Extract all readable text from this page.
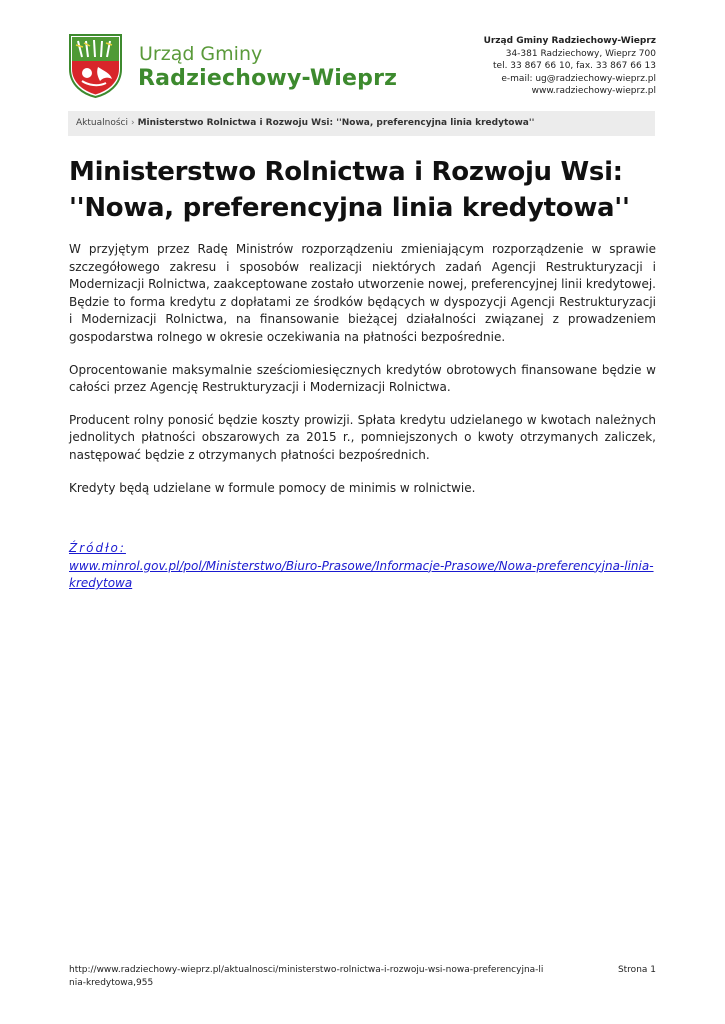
Urząd Gminy
Radziechowy-Wieprz
Urząd Gminy Radziechowy-Wieprz
34-381 Radziechowy, Wieprz 700
tel. 33 867 66 10, fax. 33 867 66 13
e-mail: ug@radziechowy-wieprz.pl
www.radziechowy-wieprz.pl
Aktualności › Ministerstwo Rolnictwa i Rozwoju Wsi: ''Nowa, preferencyjna linia kredytowa''
Ministerstwo Rolnictwa i Rozwoju Wsi: ''Nowa, preferencyjna linia kredytowa''

W przyjętym przez Radę Ministrów rozporządzeniu zmieniającym rozporządzenie w sprawie szczegółowego zakresu i sposobów realizacji niektórych zadań Agencji Restrukturyzacji i Modernizacji Rolnictwa, zaakceptowane zostało utworzenie nowej, preferencyjnej linii kredytowej. Będzie to forma kredytu z dopłatami ze środków będących w dyspozycji Agencji Restrukturyzacji i Modernizacji Rolnictwa, na finansowanie bieżącej działalności związanej z prowadzeniem gospodarstwa rolnego w okresie oczekiwania na płatności bezpośrednie.

Oprocentowanie maksymalnie sześciomiesięcznych kredytów obrotowych finansowane będzie w całości przez Agencję Restrukturyzacji i Modernizacji Rolnictwa.

Producent rolny ponosić będzie koszty prowizji. Spłata kredytu udzielanego w kwotach należnych jednolitych płatności obszarowych za 2015 r., pomniejszonych o kwoty otrzymanych zaliczek, następować będzie z otrzymanych płatności bezpośrednich.

Kredyty będą udzielane w formule pomocy de minimis w rolnictwie.

Źródło:
www.minrol.gov.pl/pol/Ministerstwo/Biuro-Prasowe/Informacje-Prasowe/Nowa-preferencyjna-linia-kredytowa
http://www.radziechowy-wieprz.pl/aktualnosci/ministerstwo-rolnictwa-i-rozwoju-wsi-nowa-preferencyjna-linia-kredytowa,955
Strona 1
